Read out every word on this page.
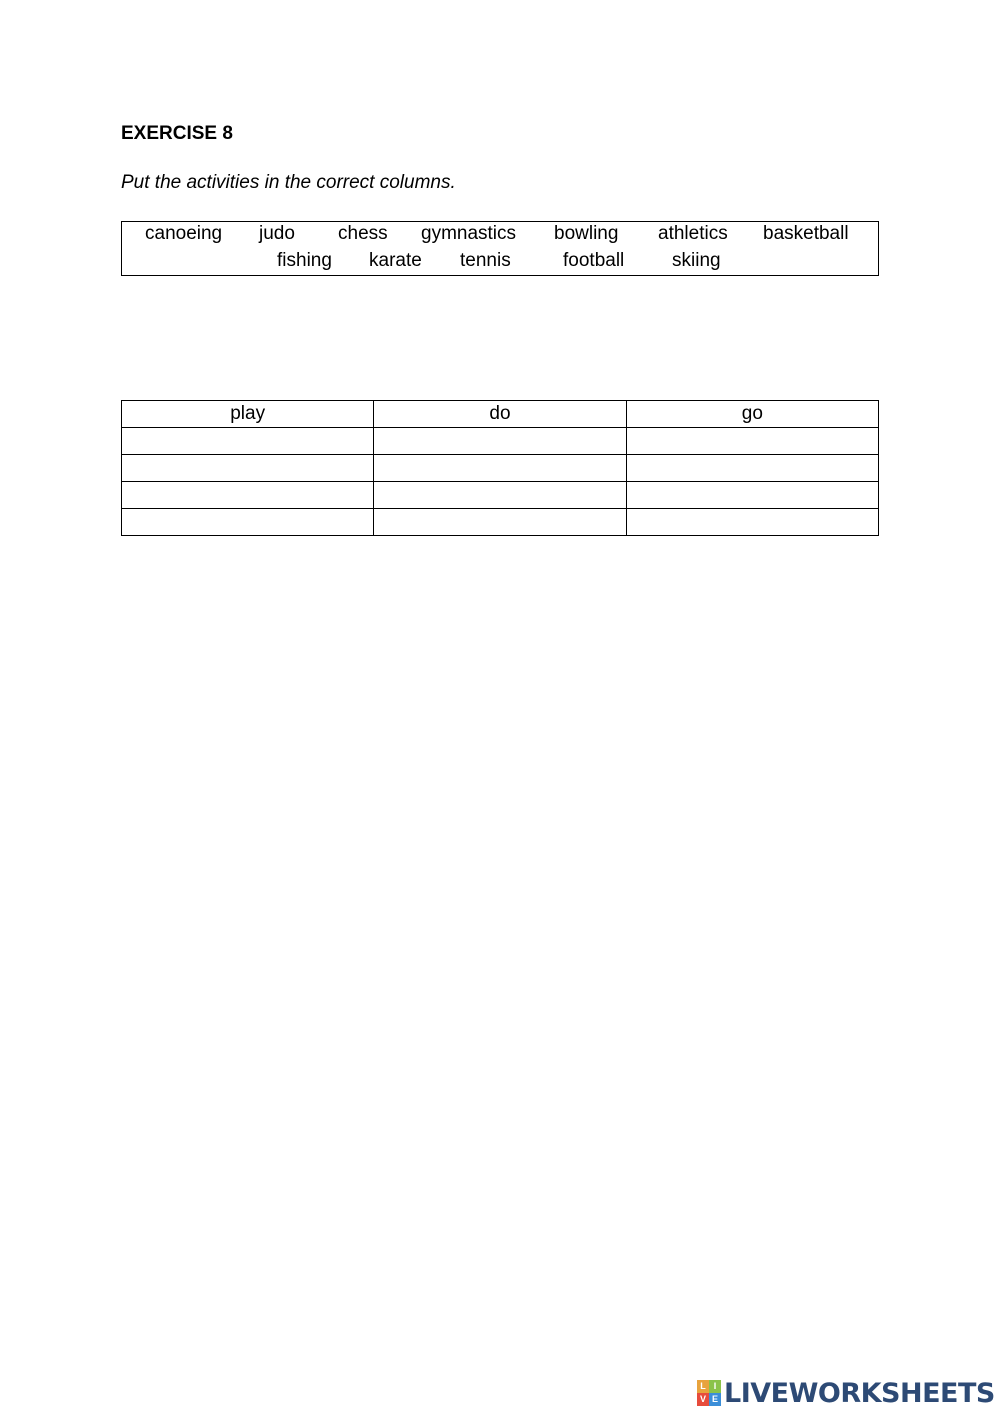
EXERCISE 8
Put the activities in the correct columns.
canoeing judo chess gymnastics bowling athletics basketball
fishing karate tennis	football	skiing
play	do	go

L I
V E LIVEWORKSHEETS
